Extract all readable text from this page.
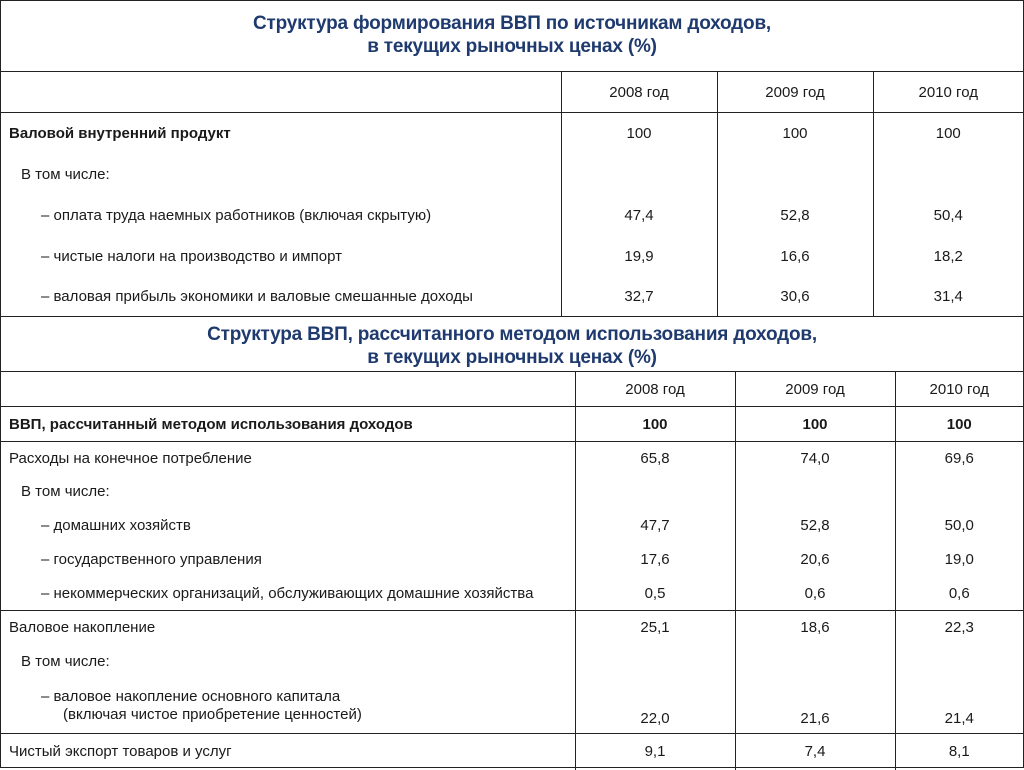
Структура формирования ВВП по источникам доходов,
в текущих рыночных ценах (%)
	2008 год	2009 год	2010 год
Валовой внутренний продукт	100	100	100
В том числе:			
– оплата труда наемных работников (включая скрытую)	47,4	52,8	50,4
– чистые налоги на производство и импорт	19,9	16,6	18,2
– валовая прибыль экономики и валовые смешанные доходы	32,7	30,6	31,4
Структура ВВП, рассчитанного методом использования доходов,
в текущих рыночных ценах (%)
	2008 год	2009 год	2010 год
ВВП, рассчитанный методом использования доходов	100	100	100
Расходы на конечное потребление	65,8	74,0	69,6
В том числе:			
– домашних хозяйств	47,7	52,8	50,0
– государственного управления	17,6	20,6	19,0
– некоммерческих организаций, обслуживающих домашние хозяйства	0,5	0,6	0,6
Валовое накопление	25,1	18,6	22,3
В том числе:			

– валовое накопление основного капитала
(включая чистое приобретение ценностей)	22,0	21,6	21,4
Чистый экспорт товаров и услуг	9,1	7,4	8,1
